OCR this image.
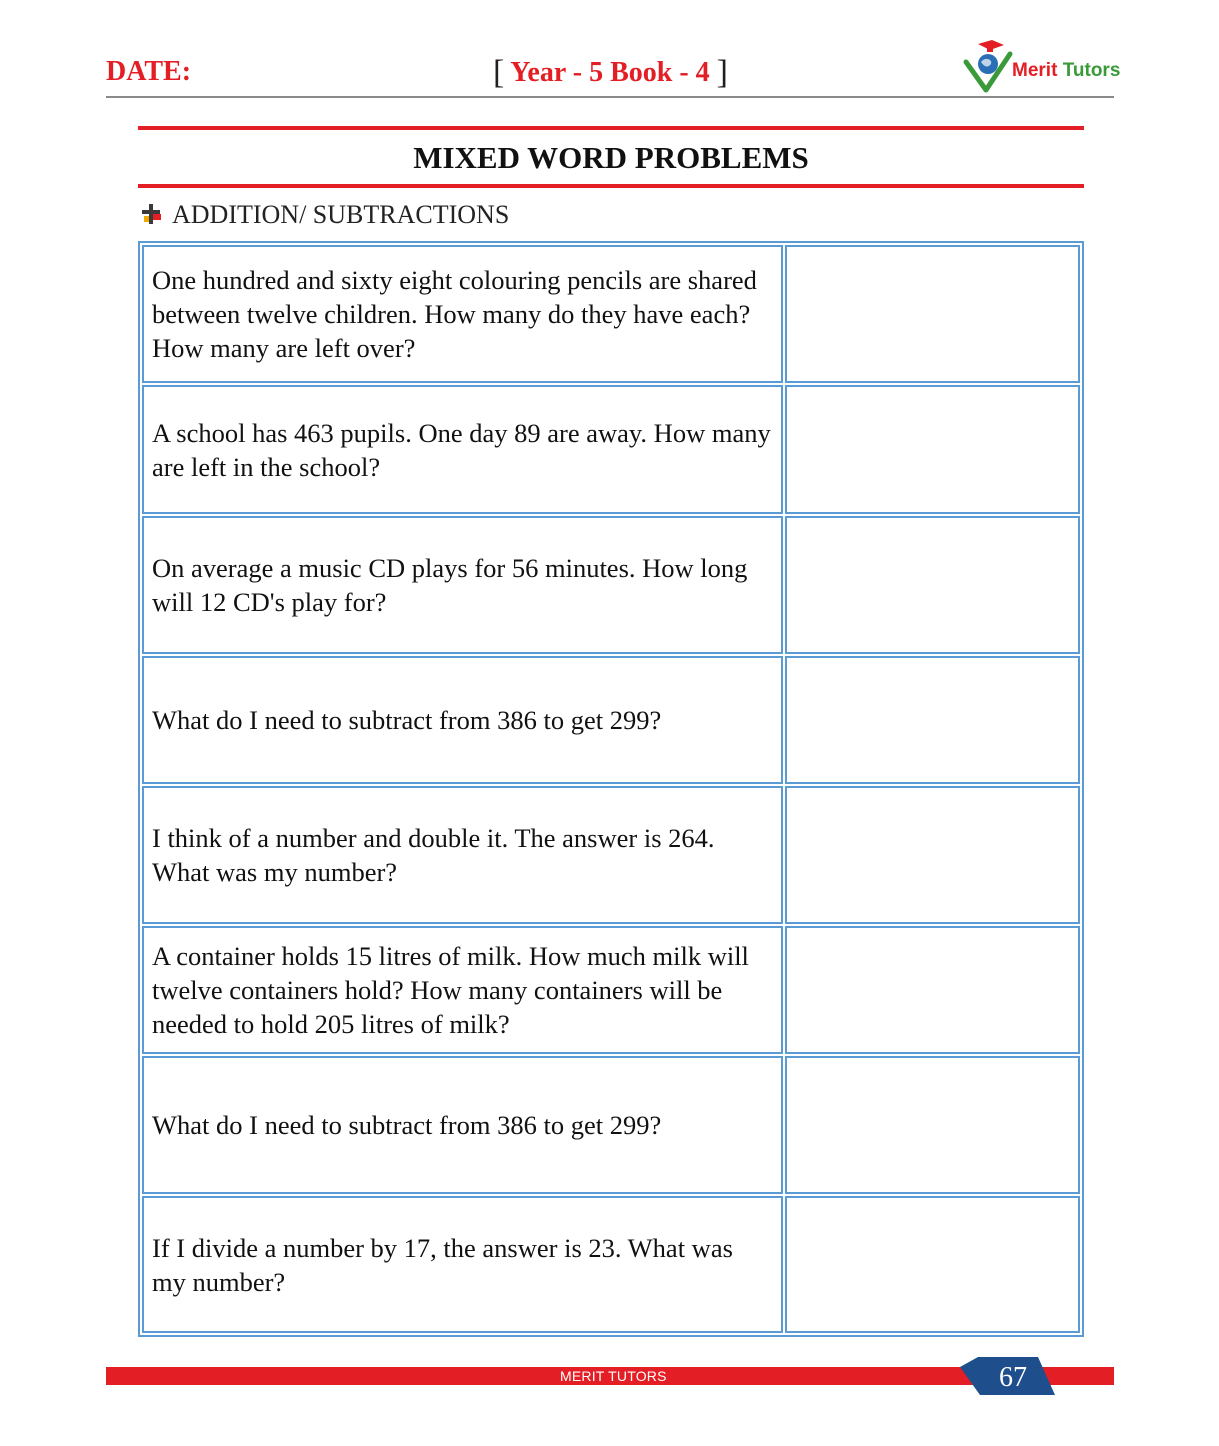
DATE:	[ Year - 5 Book - 4 ]	Merit Tutors
MIXED WORD PROBLEMS
ADDITION/ SUBTRACTIONS
One hundred and sixty eight colouring pencils are shared between twelve children. How many do they have each? How many are left over?	
A school has 463 pupils. One day 89 are away. How many are left in the school?	
On average a music CD plays for 56 minutes. How long will 12 CD's play for?	
What do I need to subtract from 386 to get 299?	
I think of a number and double it. The answer is 264. What was my number?	
A container holds 15 litres of milk. How much milk will twelve containers hold? How many containers will be needed to hold 205 litres of milk?	
What do I need to subtract from 386 to get 299?	
If I divide a number by 17, the answer is 23. What was my number?	
MERIT TUTORS	67
